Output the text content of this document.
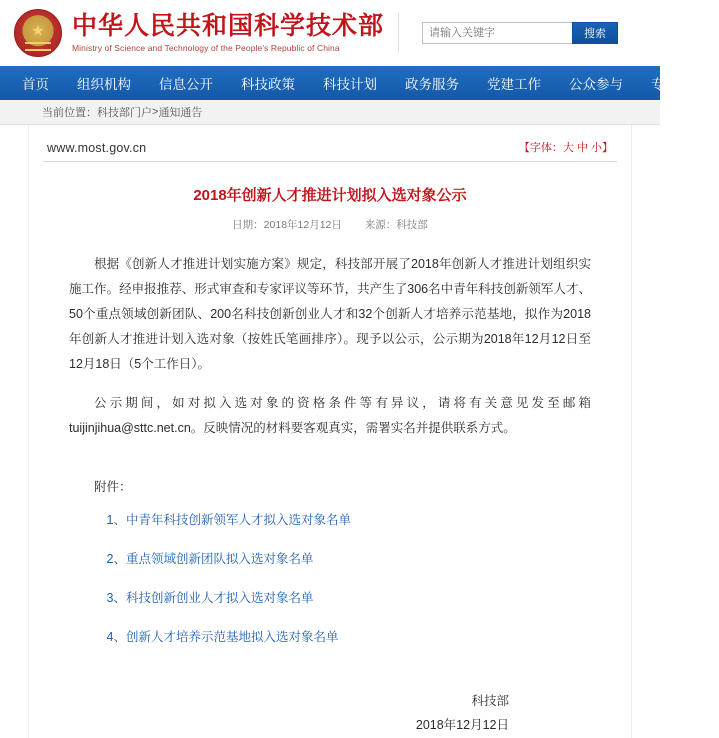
★
中华人民共和国科学技术部
Ministry of Science and Technology of the People's Republic of China
请输入关键字
搜索
首页	组织机构	信息公开	科技政策	科技计划	政务服务	党建工作	公众参与	专题专栏
当前位置： 科技部门户 > 通知通告
www.most.gov.cn	【字体：大 中 小】
2018年创新人才推进计划拟入选对象公示
日期：2018年12月12日 来源：科技部

根据《创新人才推进计划实施方案》规定，科技部开展了2018年创新人才推进计划组织实施工作。经申报推荐、形式审查和专家评议等环节，共产生了306名中青年科技创新领军人才、50个重点领域创新团队、200名科技创新创业人才和32个创新人才培养示范基地，拟作为2018年创新人才推进计划入选对象（按姓氏笔画排序）。现予以公示，公示期为2018年12月12日至12月18日（5个工作日）。

公示期间，如对拟入选对象的资格条件等有异议，请将有关意见发至邮箱tuijinjihua@sttc.net.cn。反映情况的材料要客观真实，需署实名并提供联系方式。

附件：
1、中青年科技创新领军人才拟入选对象名单
2、重点领域创新团队拟入选对象名单
3、科技创新创业人才拟入选对象名单
4、创新人才培养示范基地拟入选对象名单
科技部
2018年12月12日
